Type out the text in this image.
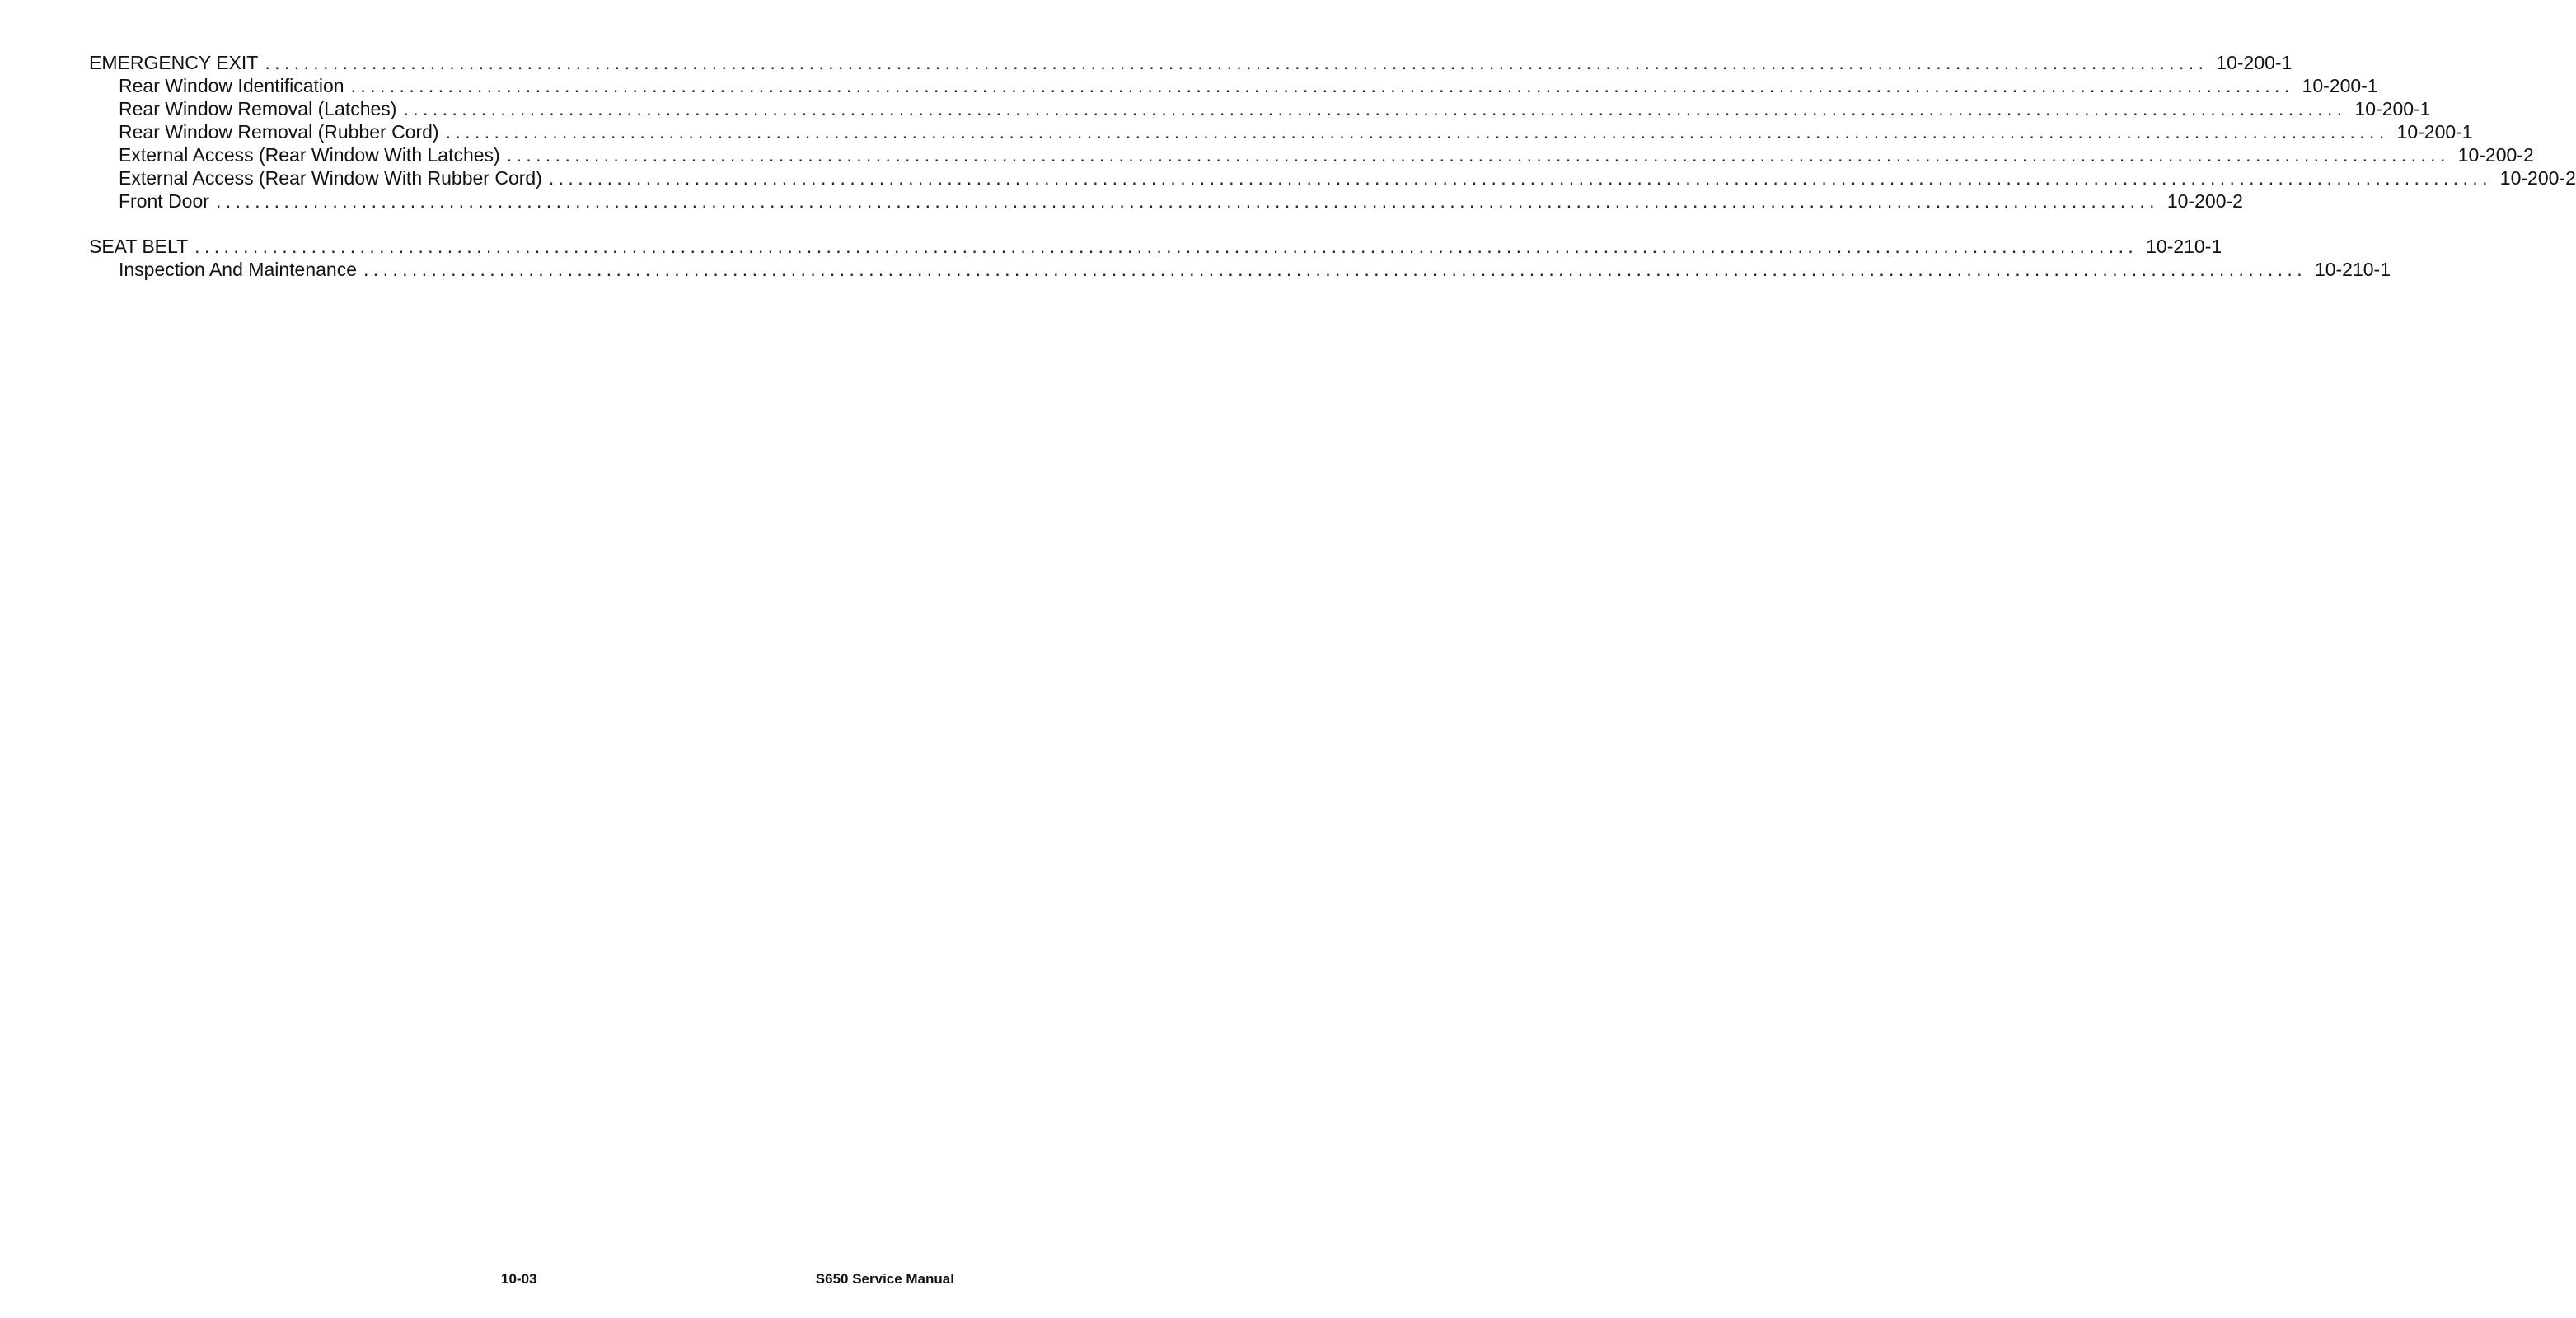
EMERGENCY EXIT ........................................................................................................................................................................................................ 10-200-1
Rear Window Identification ........................................................................................................................................................................................................ 10-200-1
Rear Window Removal (Latches) ........................................................................................................................................................................................................ 10-200-1
Rear Window Removal (Rubber Cord) ........................................................................................................................................................................................................ 10-200-1
External Access (Rear Window With Latches) ........................................................................................................................................................................................................ 10-200-2
External Access (Rear Window With Rubber Cord) ........................................................................................................................................................................................................ 10-200-2
Front Door ........................................................................................................................................................................................................ 10-200-2
SEAT BELT ........................................................................................................................................................................................................ 10-210-1
Inspection And Maintenance ........................................................................................................................................................................................................ 10-210-1
10-03	S650 Service Manual
